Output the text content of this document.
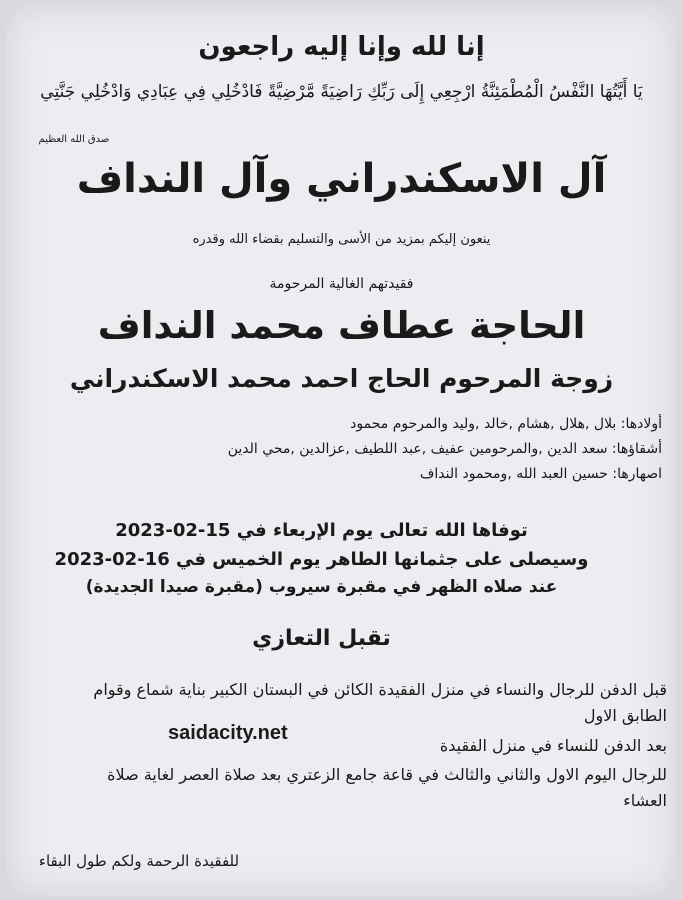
إنا لله وإنا إليه راجعون
يَا أَيَّتُهَا النَّفْسُ الْمُطْمَئِنَّةُ ارْجِعِي إِلَى رَبِّكِ رَاضِيَةً مَّرْضِيَّةً فَادْخُلِي فِي عِبَادِي وَادْخُلِي جَنَّتِي
صدق الله العظيم
آل الاسكندراني وآل النداف
ينعون إليكم بمزيد من الأسى والتسليم بقضاء الله وقدره
فقيدتهم الغالية المرحومة
الحاجة عطاف محمد النداف
زوجة المرحوم الحاج احمد محمد الاسكندراني
أولادها: بلال ,هلال ,هشام ,خالد ,وليد والمرحوم محمود
أشقاؤها: سعد الدين ,والمرحومين عفيف ,عبد اللطيف ,عزالدين ,محي الدين
اصهارها: حسين العبد الله ,ومحمود النداف
توفاها الله تعالى يوم الإربعاء في 15-02-2023
وسيصلى على جثمانها الطاهر يوم الخميس في 16-02-2023
عند صلاه الظهر في مقبرة سيروب (مقبرة صيدا الجديدة)
تقبل التعازي
قبل الدفن للرجال والنساء في منزل الفقيدة الكائن في البستان الكبير بناية شماع وقوام
الطابق الاول
بعد الدفن للنساء في منزل الفقيدة
للرجال اليوم الاول والثاني والثالث في قاعة جامع الزعتري بعد صلاة العصر لغاية صلاة
العشاء
للفقيدة الرحمة ولكم طول البقاء
saidacity.net
